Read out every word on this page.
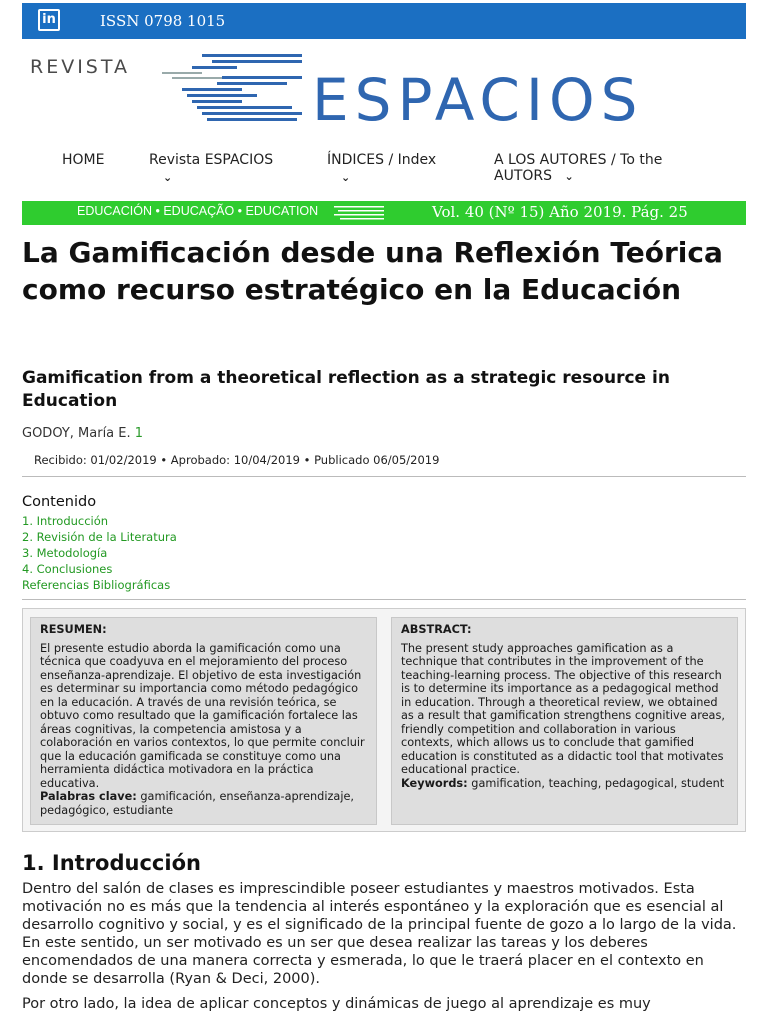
in	ISSN 0798 1015
REVISTA	ESPACIOS
HOME	Revista ESPACIOS
⌄
ÍNDICES / Index
⌄
A LOS AUTORES / To the
AUTORS ⌄
EDUCACIÓN • EDUCAÇÃO • EDUCATION	Vol. 40 (Nº 15) Año 2019. Pág. 25
La Gamificación desde una Reflexión Teórica como recurso estratégico en la Educación
Gamification from a theoretical reflection as a strategic resource in Education
GODOY, María E. 1
Recibido: 01/02/2019 • Aprobado: 10/04/2019 • Publicado 06/05/2019
Contenido
1. Introducción
2. Revisión de la Literatura
3. Metodología
4. Conclusiones
Referencias Bibliográficas
RESUMEN:
El presente estudio aborda la gamificación como una técnica que coadyuva en el mejoramiento del proceso enseñanza-aprendizaje. El objetivo de esta investigación es determinar su importancia como método pedagógico en la educación. A través de una revisión teórica, se obtuvo como resultado que la gamificación fortalece las áreas cognitivas, la competencia amistosa y a colaboración en varios contextos, lo que permite concluir que la educación gamificada se constituye como una herramienta didáctica motivadora en la práctica educativa.
Palabras clave: gamificación, enseñanza-aprendizaje, pedagógico, estudiante
ABSTRACT:
The present study approaches gamification as a technique that contributes in the improvement of the teaching-learning process. The objective of this research is to determine its importance as a pedagogical method in education. Through a theoretical review, we obtained as a result that gamification strengthens cognitive areas, friendly competition and collaboration in various contexts, which allows us to conclude that gamified education is constituted as a didactic tool that motivates educational practice.
Keywords: gamification, teaching, pedagogical, student
1. Introducción

Dentro del salón de clases es imprescindible poseer estudiantes y maestros motivados. Esta motivación no es más que la tendencia al interés espontáneo y la exploración que es esencial al desarrollo cognitivo y social, y es el significado de la principal fuente de gozo a lo largo de la vida. En este sentido, un ser motivado es un ser que desea realizar las tareas y los deberes encomendados de una manera correcta y esmerada, lo que le traerá placer en el contexto en donde se desarrolla (Ryan & Deci, 2000).

Por otro lado, la idea de aplicar conceptos y dinámicas de juego al aprendizaje es muy
